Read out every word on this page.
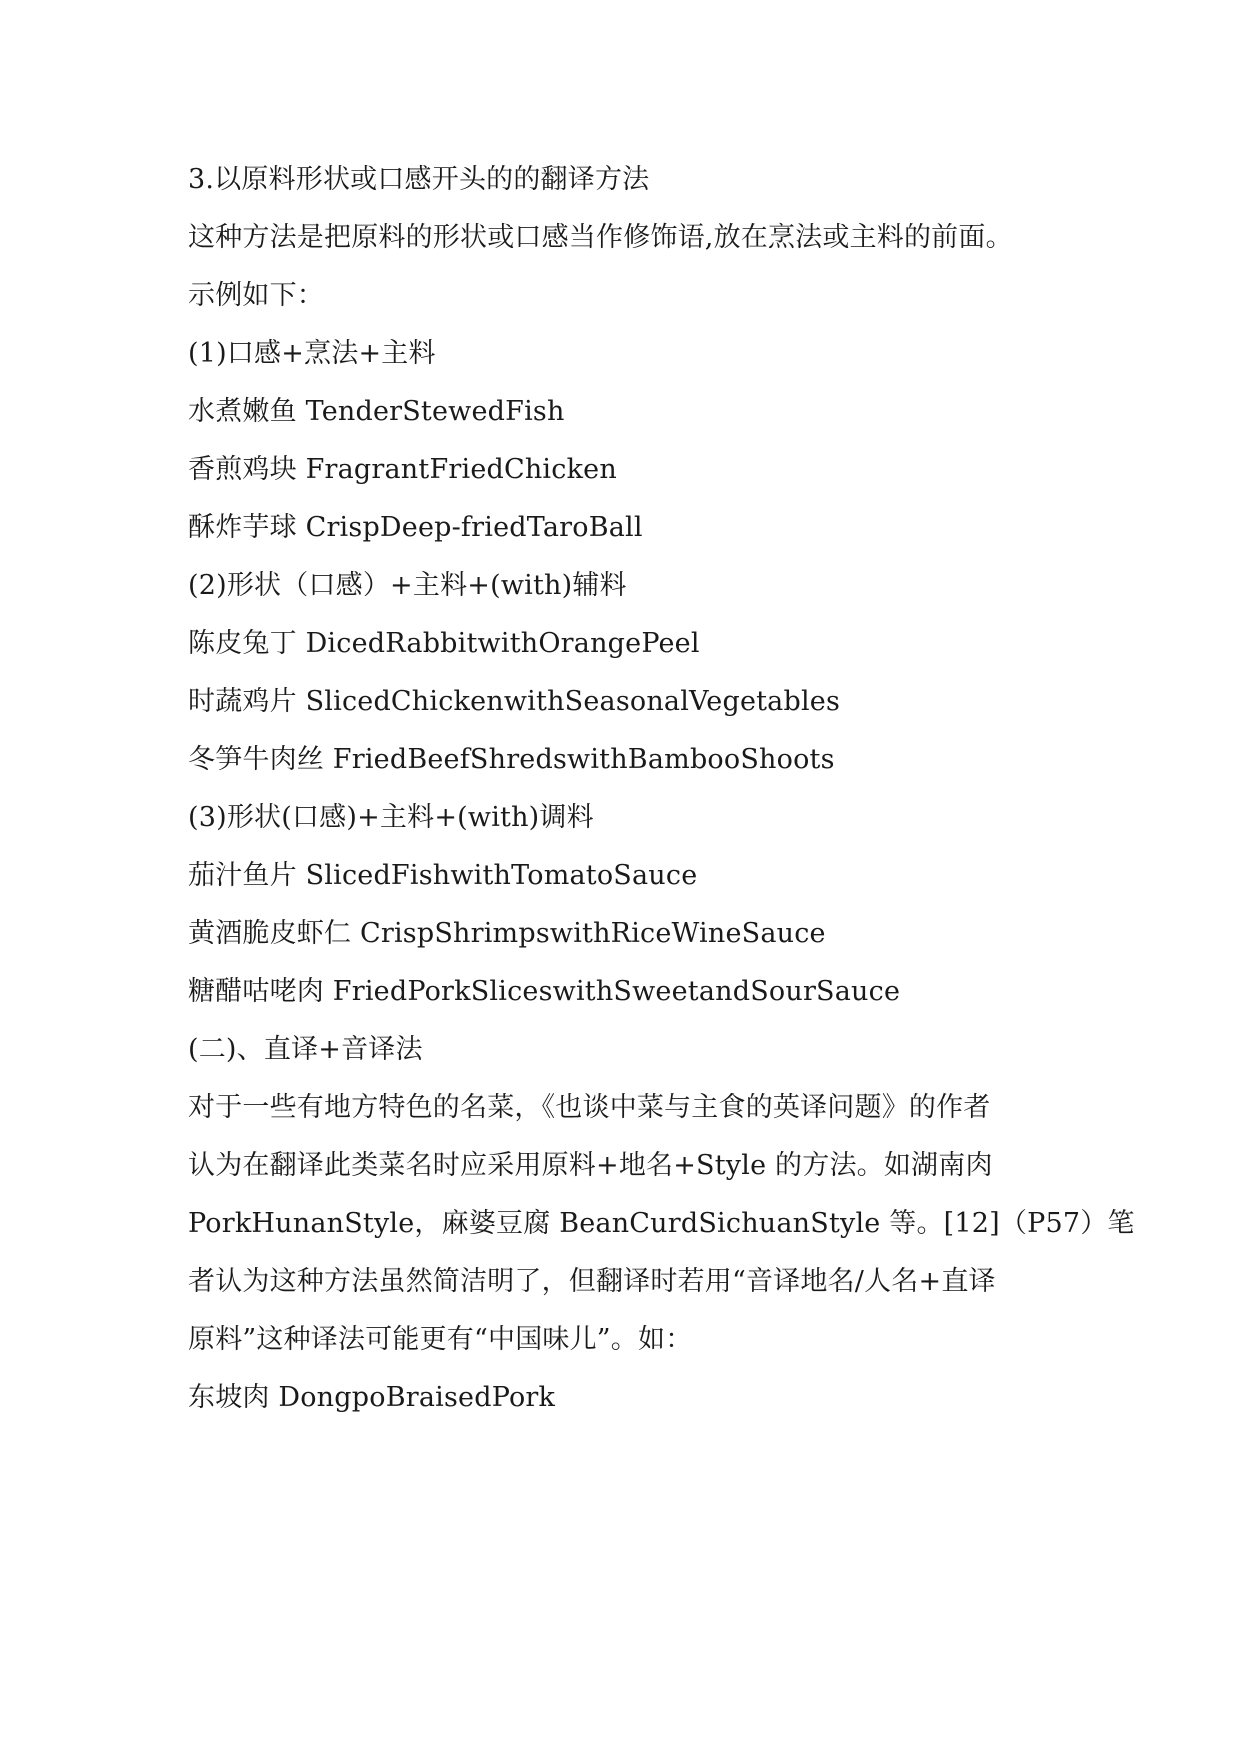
3.以原料形状或口感开头的的翻译方法
这种方法是把原料的形状或口感当作修饰语,放在烹法或主料的前面。
示例如下：
(1)口感+烹法+主料
水煮嫩鱼 TenderStewedFish
香煎鸡块 FragrantFriedChicken
酥炸芋球 CrispDeep-friedTaroBall
(2)形状（口感）+主料+(with)辅料
陈皮兔丁 DicedRabbitwithOrangePeel
时蔬鸡片 SlicedChickenwithSeasonalVegetables
冬笋牛肉丝 FriedBeefShredswithBambooShoots
(3)形状(口感)+主料+(with)调料
茄汁鱼片 SlicedFishwithTomatoSauce
黄酒脆皮虾仁 CrispShrimpswithRiceWineSauce
糖醋咕咾肉 FriedPorkSliceswithSweetandSourSauce
(二)、直译+音译法
对于一些有地方特色的名菜，《也谈中菜与主食的英译问题》的作者
认为在翻译此类菜名时应采用原料+地名+Style 的方法。如湖南肉
PorkHunanStyle，麻婆豆腐 BeanCurdSichuanStyle 等。[12]（P57）笔
者认为这种方法虽然简洁明了，但翻译时若用“音译地名/人名+直译
原料”这种译法可能更有“中国味儿”。如：
东坡肉 DongpoBraisedPork
